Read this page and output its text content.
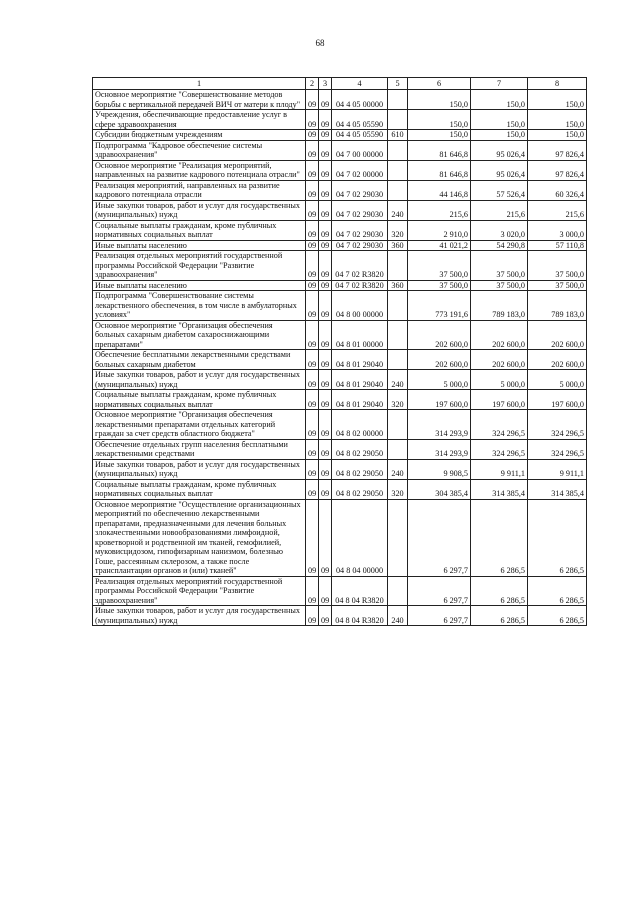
68
1	2	3	4	5	6	7	8
Основное мероприятие "Совершенствование методов борьбы с вертикальной передачей ВИЧ от матери к плоду"	09	09	04 4 05 00000		150,0	150,0	150,0
Учреждения, обеспечивающие предоставление услуг в сфере здравоохранения	09	09	04 4 05 05590		150,0	150,0	150,0
Субсидии бюджетным учреждениям	09	09	04 4 05 05590	610	150,0	150,0	150,0
Подпрограмма "Кадровое обеспечение системы здравоохранения"	09	09	04 7 00 00000		81 646,8	95 026,4	97 826,4
Основное мероприятие "Реализация мероприятий, направленных на развитие кадрового потенциала отрасли"	09	09	04 7 02 00000		81 646,8	95 026,4	97 826,4
Реализация мероприятий, направленных на развитие кадрового потенциала отрасли	09	09	04 7 02 29030		44 146,8	57 526,4	60 326,4
Иные закупки товаров, работ и услуг для государственных (муниципальных) нужд	09	09	04 7 02 29030	240	215,6	215,6	215,6
Социальные выплаты гражданам, кроме публичных нормативных социальных выплат	09	09	04 7 02 29030	320	2 910,0	3 020,0	3 000,0
Иные выплаты населению	09	09	04 7 02 29030	360	41 021,2	54 290,8	57 110,8
Реализация отдельных мероприятий государственной программы Российской Федерации "Развитие здравоохранения"	09	09	04 7 02 R3820		37 500,0	37 500,0	37 500,0
Иные выплаты населению	09	09	04 7 02 R3820	360	37 500,0	37 500,0	37 500,0
Подпрограмма "Совершенствование системы лекарственного обеспечения, в том числе в амбулаторных условиях"	09	09	04 8 00 00000		773 191,6	789 183,0	789 183,0
Основное мероприятие "Организация обеспечения больных сахарным диабетом сахароснижающими препаратами"	09	09	04 8 01 00000		202 600,0	202 600,0	202 600,0
Обеспечение бесплатными лекарственными средствами больных сахарным диабетом	09	09	04 8 01 29040		202 600,0	202 600,0	202 600,0
Иные закупки товаров, работ и услуг для государственных (муниципальных) нужд	09	09	04 8 01 29040	240	5 000,0	5 000,0	5 000,0
Социальные выплаты гражданам, кроме публичных нормативных социальных выплат	09	09	04 8 01 29040	320	197 600,0	197 600,0	197 600,0
Основное мероприятие "Организация обеспечения лекарственными препаратами отдельных категорий граждан за счет средств областного бюджета"	09	09	04 8 02 00000		314 293,9	324 296,5	324 296,5
Обеспечение отдельных групп населения бесплатными лекарственными средствами	09	09	04 8 02 29050		314 293,9	324 296,5	324 296,5
Иные закупки товаров, работ и услуг для государственных (муниципальных) нужд	09	09	04 8 02 29050	240	9 908,5	9 911,1	9 911,1
Социальные выплаты гражданам, кроме публичных нормативных социальных выплат	09	09	04 8 02 29050	320	304 385,4	314 385,4	314 385,4
Основное мероприятие "Осуществление организационных мероприятий по обеспечению лекарственными препаратами, предназначенными для лечения больных злокачественными новообразованиями лимфоидной, кроветворной и родственной им тканей, гемофилией, муковисцидозом, гипофизарным нанизмом, болезнью Гоше, рассеянным склерозом, а также после трансплантации органов и (или) тканей"	09	09	04 8 04 00000		6 297,7	6 286,5	6 286,5
Реализация отдельных мероприятий государственной программы Российской Федерации "Развитие здравоохранения"	09	09	04 8 04 R3820		6 297,7	6 286,5	6 286,5
Иные закупки товаров, работ и услуг для государственных (муниципальных) нужд	09	09	04 8 04 R3820	240	6 297,7	6 286,5	6 286,5
